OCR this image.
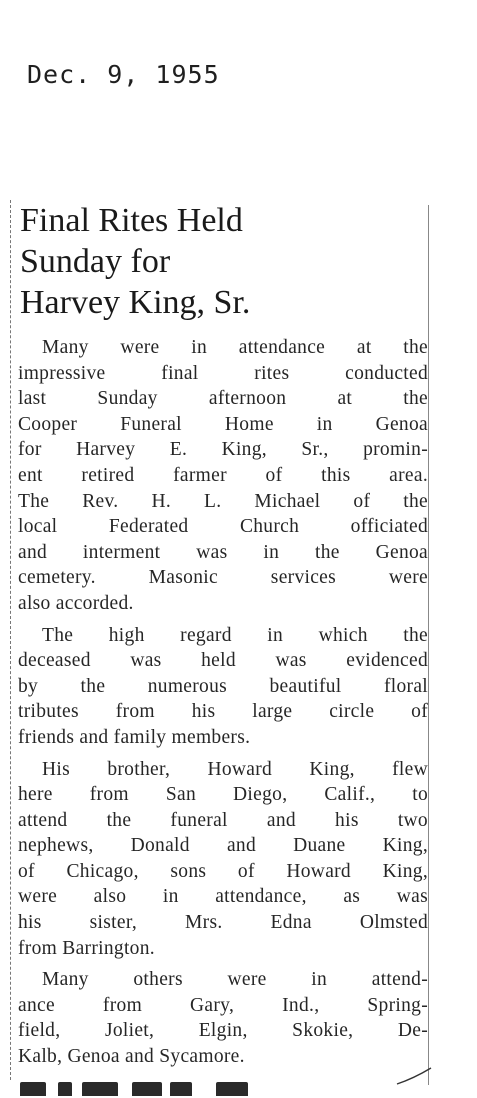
Dec. 9, 1955
Final Rites Held
Sunday for
Harvey King, Sr.
Many were in attendance at the
impressive final rites conducted
last Sunday afternoon at the
Cooper Funeral Home in Genoa
for Harvey E. King, Sr., promin-
ent retired farmer of this area.
The Rev. H. L. Michael of the
local Federated Church officiated
and interment was in the Genoa
cemetery. Masonic services were
also accorded.
The high regard in which the
deceased was held was evidenced
by the numerous beautiful floral
tributes from his large circle of
friends and family members.
His brother, Howard King, flew
here from San Diego, Calif., to
attend the funeral and his two
nephews, Donald and Duane King,
of Chicago, sons of Howard King,
were also in attendance, as was
his sister, Mrs. Edna Olmsted
from Barrington.
Many others were in attend-
ance from Gary, Ind., Spring-
field, Joliet, Elgin, Skokie, De-
Kalb, Genoa and Sycamore.
